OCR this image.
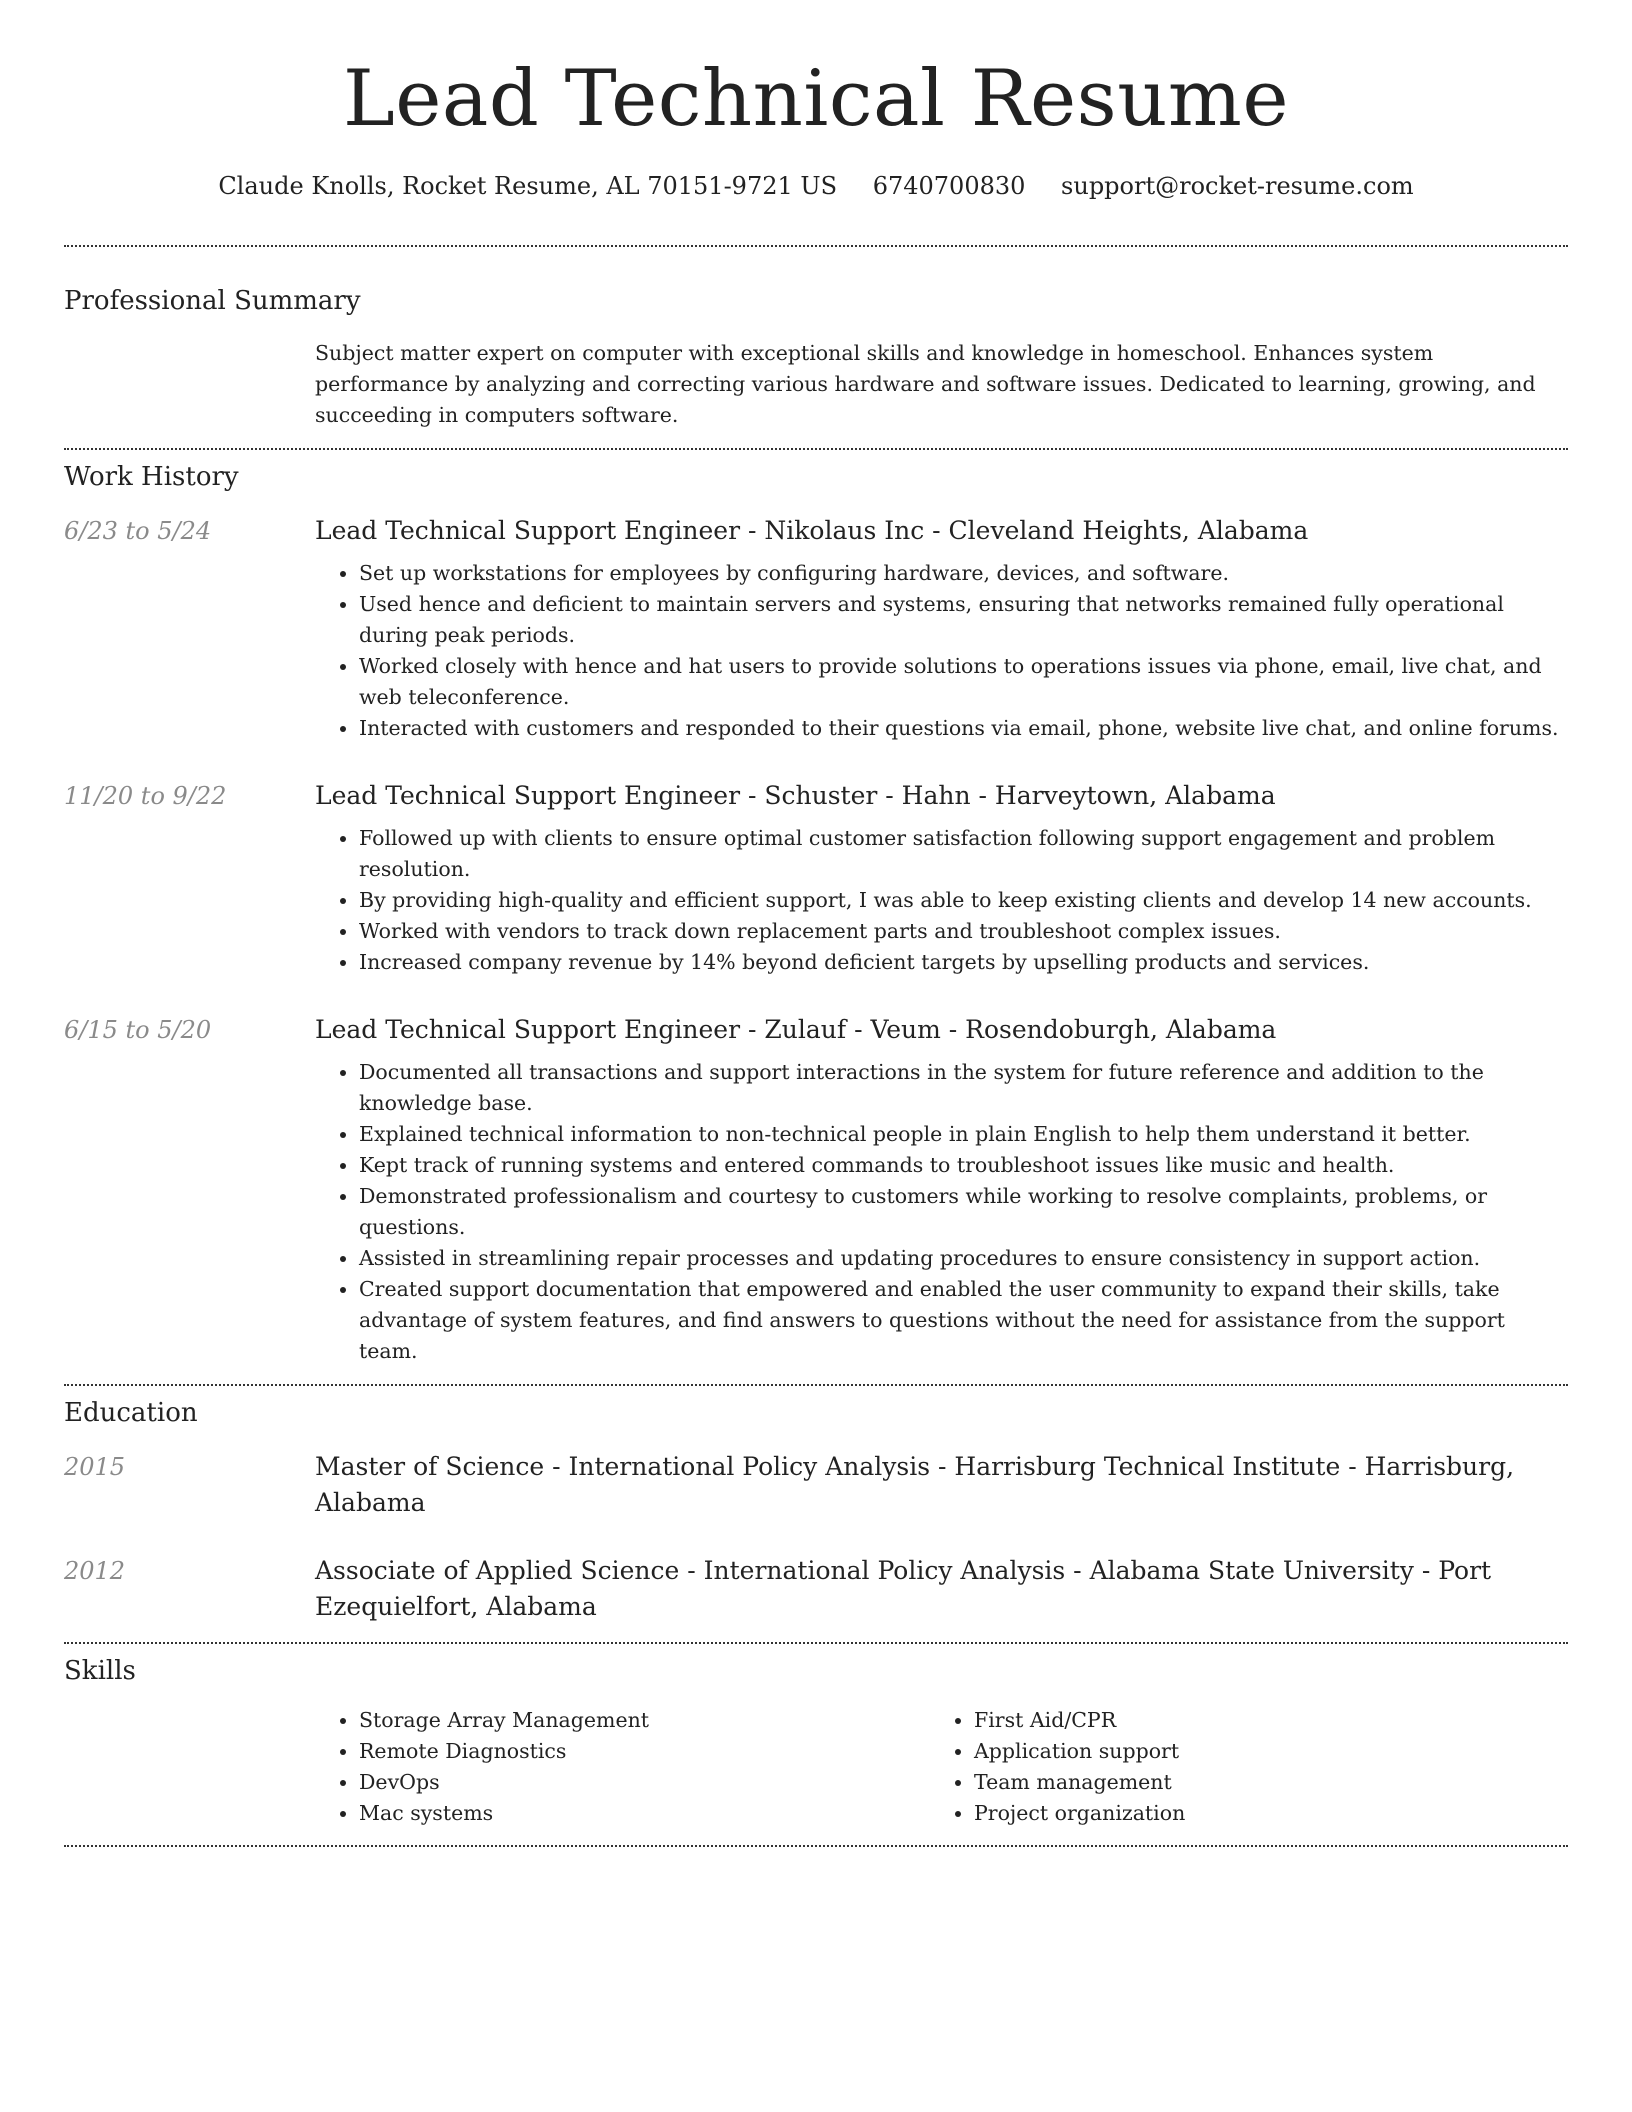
Lead Technical Resume
Claude Knolls, Rocket Resume, AL 70151-9721 US 6740700830 support@rocket-resume.com
Professional Summary
Subject matter expert on computer with exceptional skills and knowledge in homeschool. Enhances system performance by analyzing and correcting various hardware and software issues. Dedicated to learning, growing, and succeeding in computers software.
Work History
6/23 to 5/24	Lead Technical Support Engineer - Nikolaus Inc - Cleveland Heights, Alabama
• Set up workstations for employees by configuring hardware, devices, and software.
• Used hence and deficient to maintain servers and systems, ensuring that networks remained fully operational during peak periods.
• Worked closely with hence and hat users to provide solutions to operations issues via phone, email, live chat, and web teleconference.
• Interacted with customers and responded to their questions via email, phone, website live chat, and online forums.
11/20 to 9/22	Lead Technical Support Engineer - Schuster - Hahn - Harveytown, Alabama
• Followed up with clients to ensure optimal customer satisfaction following support engagement and problem resolution.
• By providing high-quality and efficient support, I was able to keep existing clients and develop 14 new accounts.
• Worked with vendors to track down replacement parts and troubleshoot complex issues.
• Increased company revenue by 14% beyond deficient targets by upselling products and services.
6/15 to 5/20	Lead Technical Support Engineer - Zulauf - Veum - Rosendoburgh, Alabama
• Documented all transactions and support interactions in the system for future reference and addition to the knowledge base.
• Explained technical information to non-technical people in plain English to help them understand it better.
• Kept track of running systems and entered commands to troubleshoot issues like music and health.
• Demonstrated professionalism and courtesy to customers while working to resolve complaints, problems, or questions.
• Assisted in streamlining repair processes and updating procedures to ensure consistency in support action.
• Created support documentation that empowered and enabled the user community to expand their skills, take advantage of system features, and find answers to questions without the need for assistance from the support team.
Education
2015	Master of Science - International Policy Analysis - Harrisburg Technical Institute - Harrisburg, Alabama
2012	Associate of Applied Science - International Policy Analysis - Alabama State University - Port Ezequielfort, Alabama
Skills
• Storage Array Management
• Remote Diagnostics
• DevOps
• Mac systems
• First Aid/CPR
• Application support
• Team management
• Project organization
